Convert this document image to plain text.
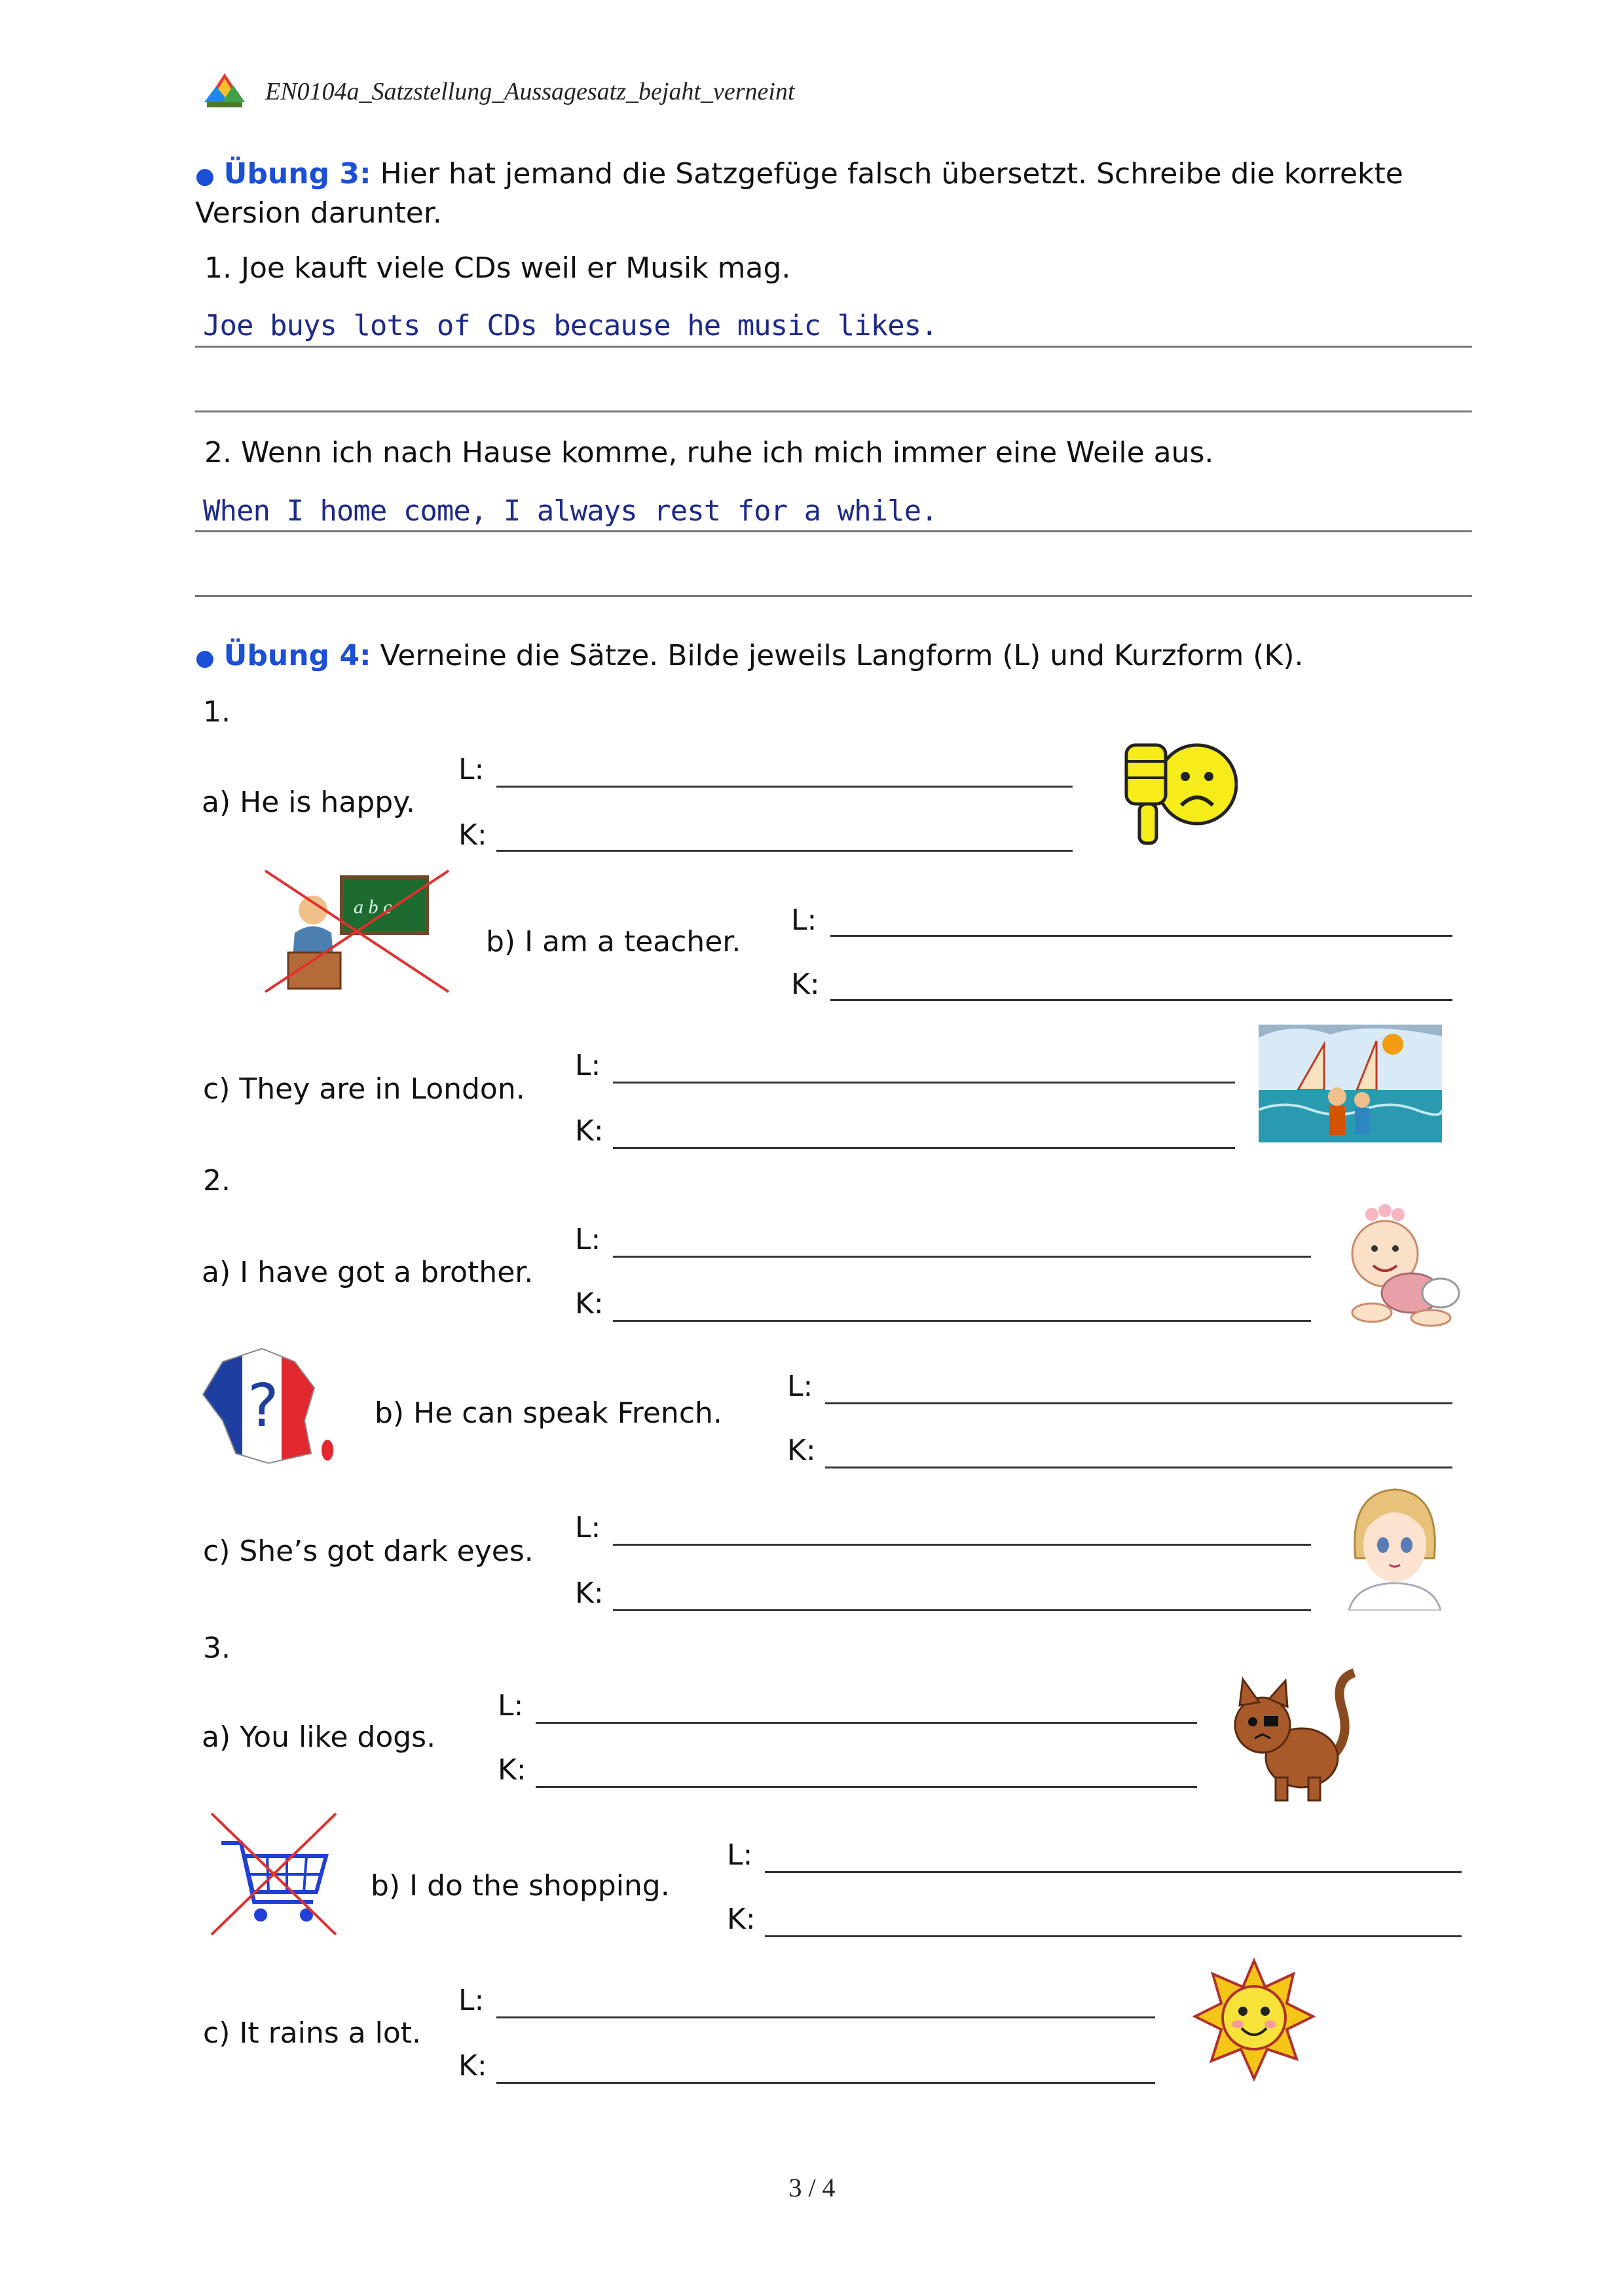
EN0104a_Satzstellung_Aussagesatz_bejaht_verneint
● Übung 3: Hier hat jemand die Satzgefüge falsch übersetzt. Schreibe die korrekte
Version darunter.
1. Joe kauft viele CDs weil er Musik mag.
Joe buys lots of CDs because he music likes.
2. Wenn ich nach Hause komme, ruhe ich mich immer eine Weile aus.
When I home come, I always rest for a while.
● Übung 4: Verneine die Sätze. Bilde jeweils Langform (L) und Kurzform (K).
1.
a) He is happy.
L:
K:
a b c
b) I am a teacher.
L:
K:
c) They are in London.
L:
K:
2.
a) I have got a brother.
L:
K:
?	b) He can speak French.
L:
K:
c) She’s got dark eyes.
L:
K:
3.
a) You like dogs.
L:
K:
b) I do the shopping.
L:
K:
c) It rains a lot.
L:
K:
3 / 4
